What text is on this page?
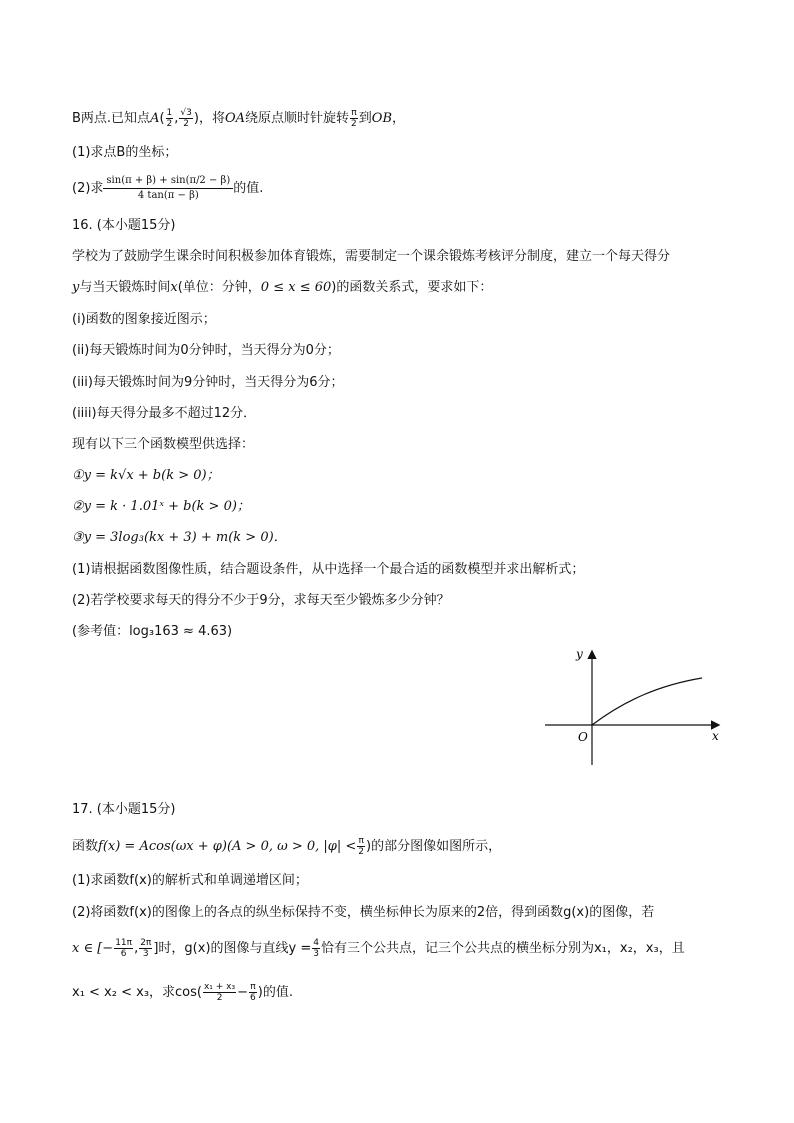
B两点.已知点$A( \frac{1}{2}$ , $\frac{√3}{2}$ )，将OA绕原点顺时针旋转 $\frac{\pi}{2}$ 到OB，
(1)求点B的坐标；
(2)求 $\frac{\sin(\pi + \beta) + \sin(\pi/2 - \beta)}{4 \tan(\pi - \beta)}$ 的值.
16. (本小题15分)
学校为了鼓励学生课余时间积极参加体育锻炼，需要制定一个课余锻炼考核评分制度，建立一个每天得分
y与当天锻炼时间x(单位：分钟，0 ≤ x ≤ 60)的函数关系式，要求如下：
(i)函数的图象接近图示；
(ii)每天锻炼时间为0分钟时，当天得分为0分；
(iii)每天锻炼时间为9分钟时，当天得分为6分；
(iiii)每天得分最多不超过12分．
现有以下三个函数模型供选择：
①y = k√x + b(k > 0)；
②y = k · 1.01ˣ + b(k > 0)；
③y = 3log₃(kx + 3) + m(k > 0)．
(1)请根据函数图像性质，结合题设条件，从中选择一个最合适的函数模型并求出解析式；
(2)若学校要求每天的得分不少于9分，求每天至少锻炼多少分钟？
(参考值：log₃163 ≈ 4.63)
y
x
O
17. (本小题15分)
函数f(x) = Acos(ωx + φ)(A > 0, ω > 0, $|\varphi| < \frac{\pi}{2}$ )的部分图像如图所示，
(1)求函数f(x)的解析式和单调递增区间；
(2)将函数f(x)的图像上的各点的纵坐标保持不变，横坐标伸长为原来的2倍，得到函数g(x)的图像，若
x ∈ [− $\frac{11\pi}{6}$ , $\frac{2\pi}{3}$ ]时，g(x)的图像与直线$y = \frac{4}{3}$ 恰有三个公共点，记三个公共点的横坐标分别为x₁，x₂，x₃，且
x₁ < x₂ < x₃，求$\cos( \frac{\text{x₁ + x₃}}{2} - \frac{\pi}{6}$ )的值.
